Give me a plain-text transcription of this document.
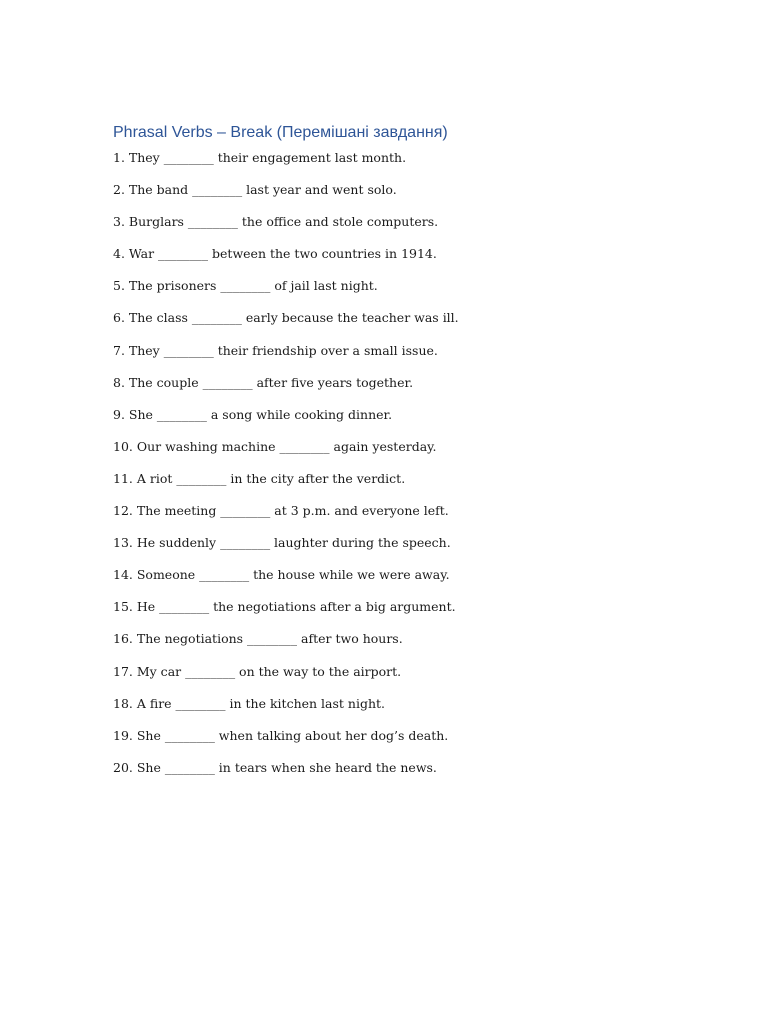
Phrasal Verbs – Break (Перемішані завдання)
1. They ________ their engagement last month.
2. The band ________ last year and went solo.
3. Burglars ________ the office and stole computers.
4. War ________ between the two countries in 1914.
5. The prisoners ________ of jail last night.
6. The class ________ early because the teacher was ill.
7. They ________ their friendship over a small issue.
8. The couple ________ after five years together.
9. She ________ a song while cooking dinner.
10. Our washing machine ________ again yesterday.
11. A riot ________ in the city after the verdict.
12. The meeting ________ at 3 p.m. and everyone left.
13. He suddenly ________ laughter during the speech.
14. Someone ________ the house while we were away.
15. He ________ the negotiations after a big argument.
16. The negotiations ________ after two hours.
17. My car ________ on the way to the airport.
18. A fire ________ in the kitchen last night.
19. She ________ when talking about her dog’s death.
20. She ________ in tears when she heard the news.
